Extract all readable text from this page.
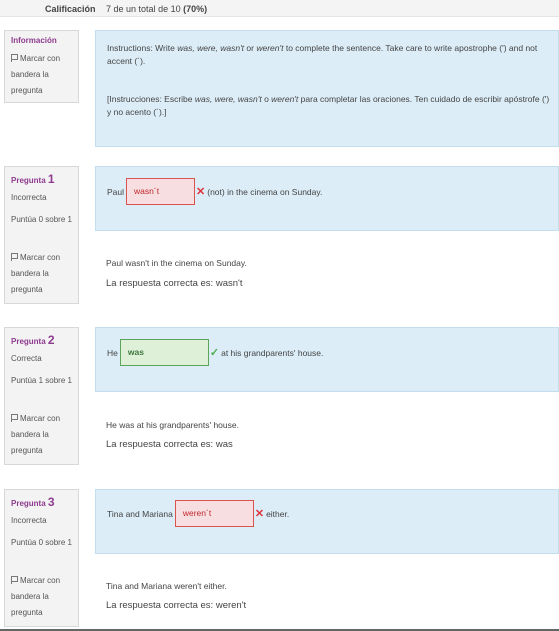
Calificación 7 de un total de 10 (70%)
Información
Marcar con bandera la pregunta
Instructions: Write was, were, wasn't or weren't to complete the sentence. Take care to write apostrophe (') and not accent (´).
[Instrucciones: Escribe was, were, wasn't o weren't para completar las oraciones. Ten cuidado de escribir apóstrofe (') y no acento (´).]
Pregunta 1
Incorrecta
Puntúa 0 sobre 1
Marcar con bandera la pregunta
Paul	wasn´t	✕ (not) in the cinema on Sunday.
Paul wasn't in the cinema on Sunday.
La respuesta correcta es: wasn't
Pregunta 2
Correcta
Puntúa 1 sobre 1
Marcar con bandera la pregunta
He	was	✓ at his grandparents' house.
He was at his grandparents' house.
La respuesta correcta es: was
Pregunta 3
Incorrecta
Puntúa 0 sobre 1
Marcar con bandera la pregunta
Tina and Mariana	weren´t	✕ either.
Tina and Mariana weren't either.
La respuesta correcta es: weren't
